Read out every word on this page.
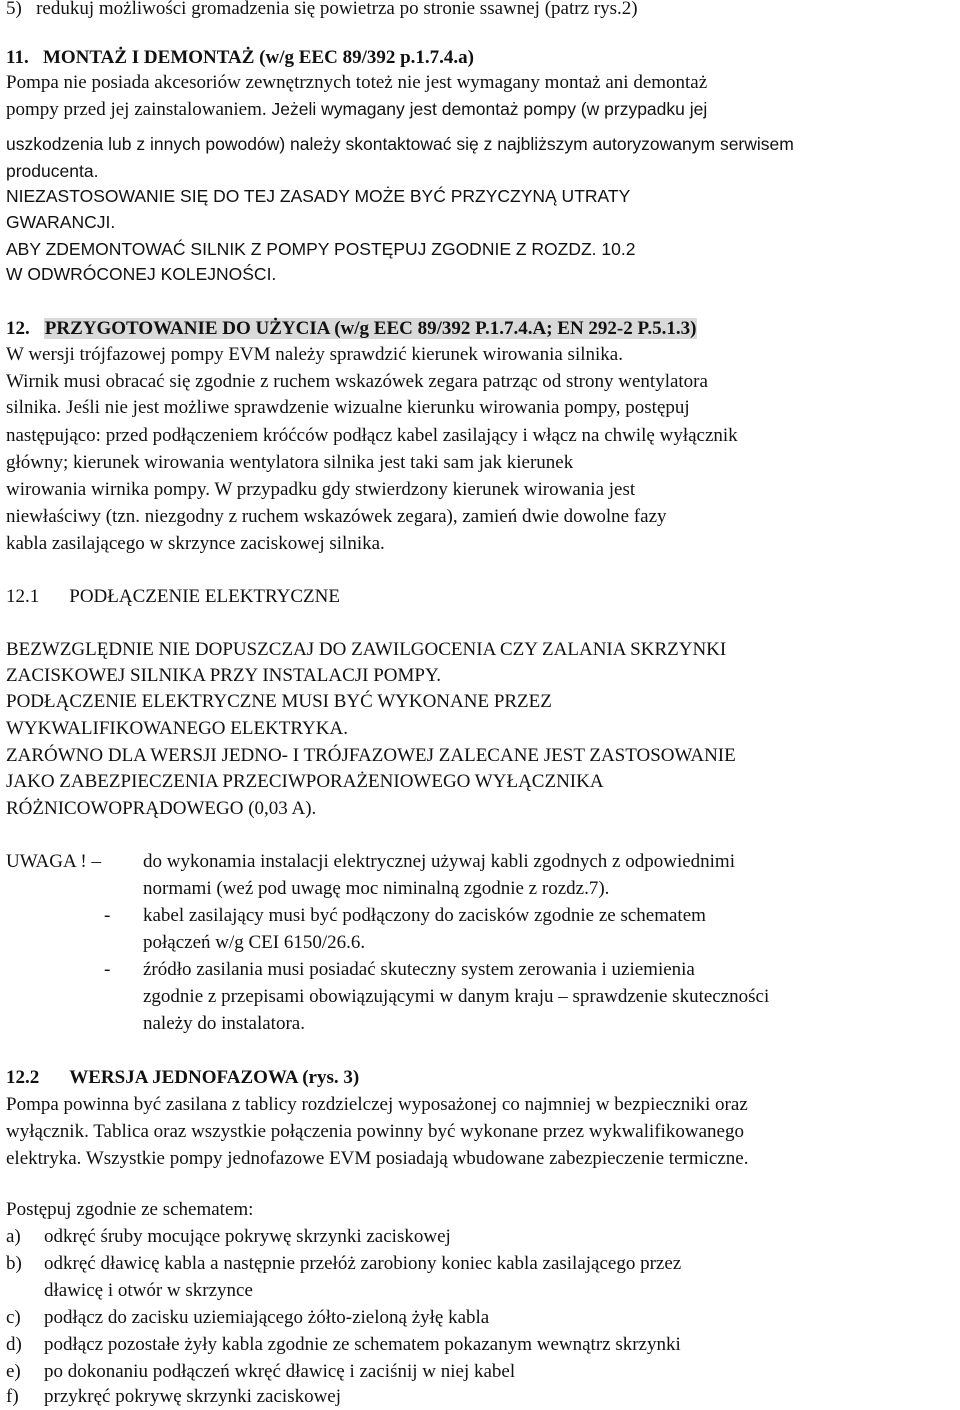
5)   redukuj możliwości gromadzenia się powietrza po stronie ssawnej (patrz rys.2)
11.   MONTAŻ I DEMONTAŻ (w/g EEC 89/392 p.1.7.4.a)
Pompa nie posiada akcesoriów zewnętrznych toteż nie jest wymagany montaż ani demontaż
pompy przed jej zainstalowaniem. Jeżeli wymagany jest demontaż pompy (w przypadku jej
uszkodzenia lub z innych powodów) należy skontaktować się z najbliższym autoryzowanym serwisem
producenta.
NIEZASTOSOWANIE SIĘ DO TEJ ZASADY MOŻE BYĆ PRZYCZYNĄ UTRATY
GWARANCJI.
ABY ZDEMONTOWAĆ SILNIK Z POMPY POSTĘPUJ ZGODNIE Z ROZDZ. 10.2
W ODWRÓCONEJ KOLEJNOŚCI.
12. PRZYGOTOWANIE DO UŻYCIA (w/g EEC 89/392 P.1.7.4.A; EN 292-2 P.5.1.3)
W wersji trójfazowej pompy EVM należy sprawdzić kierunek wirowania silnika.
Wirnik musi obracać się zgodnie z ruchem wskazówek zegara patrząc od strony wentylatora
silnika. Jeśli nie jest możliwe sprawdzenie wizualne kierunku wirowania pompy, postępuj
następująco: przed podłączeniem króćców podłącz kabel zasilający i włącz na chwilę wyłącznik
główny; kierunek wirowania wentylatora silnika jest taki sam jak kierunek
wirowania wirnika pompy. W przypadku gdy stwierdzony kierunek wirowania jest
niewłaściwy (tzn. niezgodny z ruchem wskazówek zegara), zamień dwie dowolne fazy
kabla zasilającego w skrzynce zaciskowej silnika.
12.1 PODŁĄCZENIE ELEKTRYCZNE
BEZWZGLĘDNIE NIE DOPUSZCZAJ DO ZAWILGOCENIA CZY ZALANIA SKRZYNKI
ZACISKOWEJ SILNIKA PRZY INSTALACJI POMPY.
PODŁĄCZENIE ELEKTRYCZNE MUSI BYĆ WYKONANE PRZEZ
WYKWALIFIKOWANEGO ELEKTRYKA.
ZARÓWNO DLA WERSJI JEDNO- I TRÓJFAZOWEJ ZALECANE JEST ZASTOSOWANIE
JAKO ZABEZPIECZENIA PRZECIWPORAŻENIOWEGO WYŁĄCZNIKA
RÓŻNICOWOPRĄDOWEGO (0,03 A).
UWAGA ! – do wykonamia instalacji elektrycznej używaj kabli zgodnych z odpowiednimi
normami (weź pod uwagę moc niminalną zgodnie z rozdz.7).
- kabel zasilający musi być podłączony do zacisków zgodnie ze schematem
połączeń w/g CEI 6150/26.6.
- źródło zasilania musi posiadać skuteczny system zerowania i uziemienia
zgodnie z przepisami obowiązującymi w danym kraju – sprawdzenie skuteczności
należy do instalatora.
12.2 WERSJA JEDNOFAZOWA (rys. 3)
Pompa powinna być zasilana z tablicy rozdzielczej wyposażonej co najmniej w bezpieczniki oraz
wyłącznik. Tablica oraz wszystkie połączenia powinny być wykonane przez wykwalifikowanego
elektryka. Wszystkie pompy jednofazowe EVM posiadają wbudowane zabezpieczenie termiczne.
Postępuj zgodnie ze schematem:
a) odkręć śruby mocujące pokrywę skrzynki zaciskowej
b) odkręć dławicę kabla a następnie przełóż zarobiony koniec kabla zasilającego przez
dławicę i otwór w skrzynce
c) podłącz do zacisku uziemiającego żółto-zieloną żyłę kabla
d) podłącz pozostałe żyły kabla zgodnie ze schematem pokazanym wewnątrz skrzynki
e) po dokonaniu podłączeń wkręć dławicę i zaciśnij w niej kabel
f) przykręć pokrywę skrzynki zaciskowej
